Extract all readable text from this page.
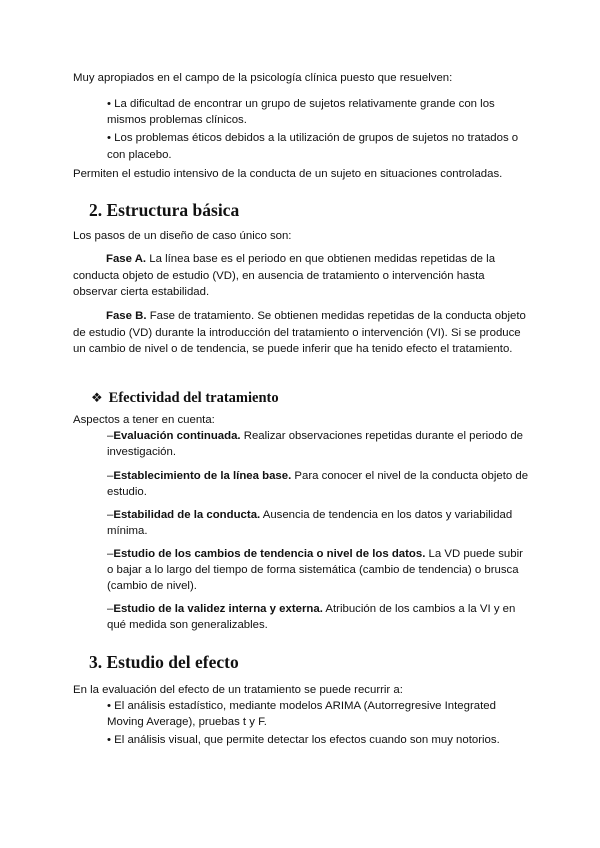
Muy apropiados en el campo de la psicología clínica puesto que resuelven:

• La dificultad de encontrar un grupo de sujetos relativamente grande con los mismos problemas clínicos.
• Los problemas éticos debidos a la utilización de grupos de sujetos no tratados o con placebo.

Permiten el estudio intensivo de la conducta de un sujeto en situaciones controladas.

2. Estructura básica

Los pasos de un diseño de caso único son:

Fase A. La línea base es el periodo en que obtienen medidas repetidas de la conducta objeto de estudio (VD), en ausencia de tratamiento o intervención hasta observar cierta estabilidad.

Fase B. Fase de tratamiento. Se obtienen medidas repetidas de la conducta objeto de estudio (VD) durante la introducción del tratamiento o intervención (VI). Si se produce un cambio de nivel o de tendencia, se puede inferir que ha tenido efecto el tratamiento.

❖ Efectividad del tratamiento

Aspectos a tener en cuenta:

–Evaluación continuada. Realizar observaciones repetidas durante el periodo de investigación.
–Establecimiento de la línea base. Para conocer el nivel de la conducta objeto de estudio.
–Estabilidad de la conducta. Ausencia de tendencia en los datos y variabilidad mínima.
–Estudio de los cambios de tendencia o nivel de los datos. La VD puede subir o bajar a lo largo del tiempo de forma sistemática (cambio de tendencia) o brusca (cambio de nivel).
–Estudio de la validez interna y externa. Atribución de los cambios a la VI y en qué medida son generalizables.
3. Estudio del efecto

En la evaluación del efecto de un tratamiento se puede recurrir a:

• El análisis estadístico, mediante modelos ARIMA (Autorregresive Integrated Moving Average), pruebas t y F.
• El análisis visual, que permite detectar los efectos cuando son muy notorios.
